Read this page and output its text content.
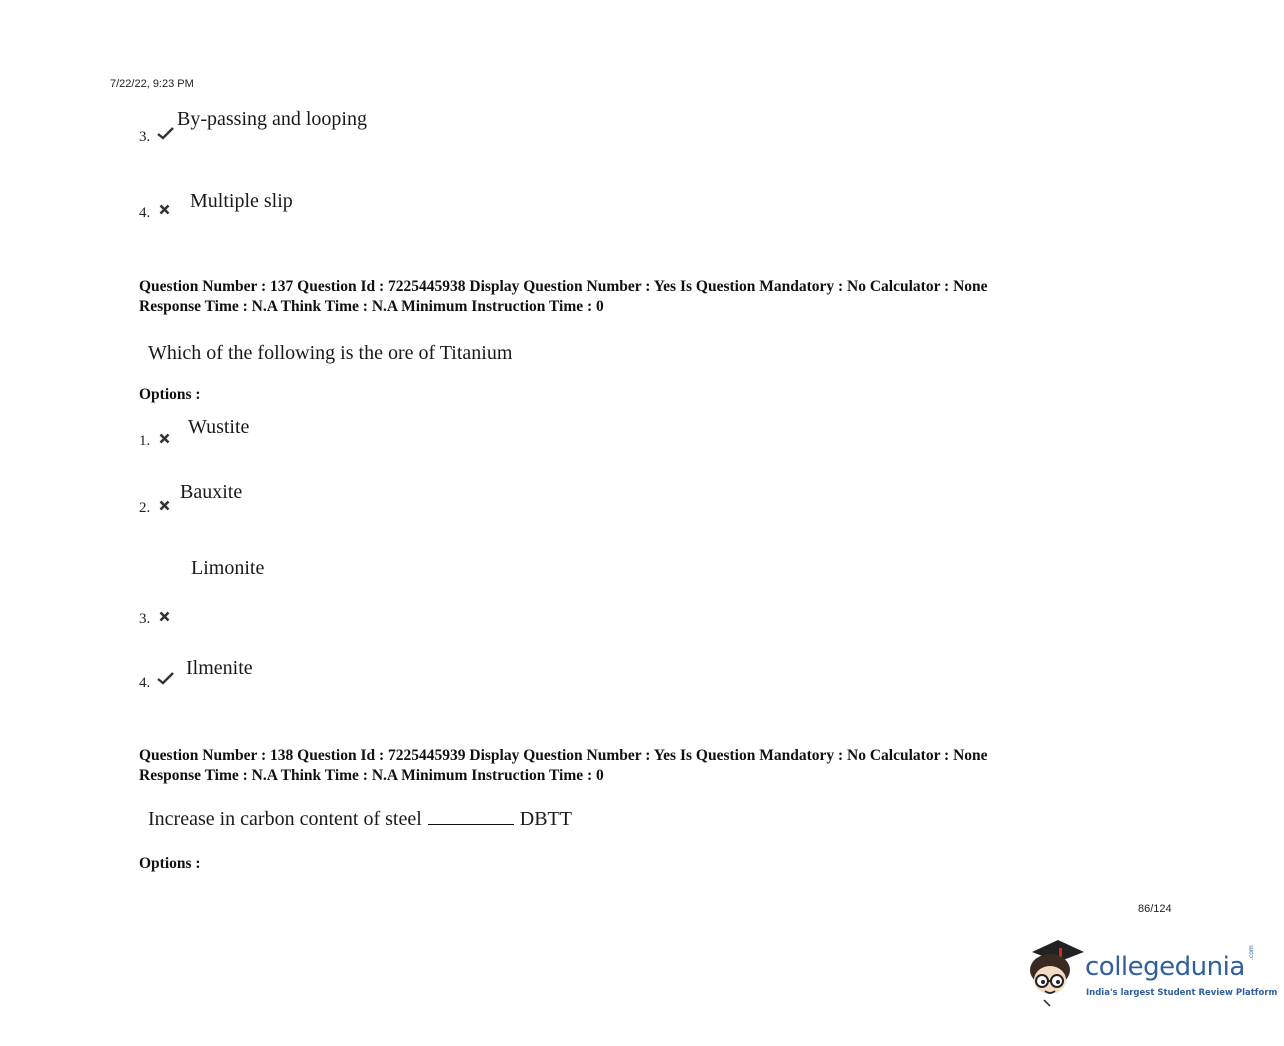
7/22/22, 9:23 PM
3.
By-passing and looping
4.
Multiple slip
Question Number : 137 Question Id : 7225445938 Display Question Number : Yes Is Question Mandatory : No Calculator : None
Response Time : N.A Think Time : N.A Minimum Instruction Time : 0
Which of the following is the ore of Titanium
Options :
1.
Wustite
2.
Bauxite
Limonite
3.
4.
Ilmenite
Question Number : 138 Question Id : 7225445939 Display Question Number : Yes Is Question Mandatory : No Calculator : None
Response Time : N.A Think Time : N.A Minimum Instruction Time : 0
Increase in carbon content of steel	DBTT
Options :
86/124
collegedunia .com
India's largest Student Review Platform
